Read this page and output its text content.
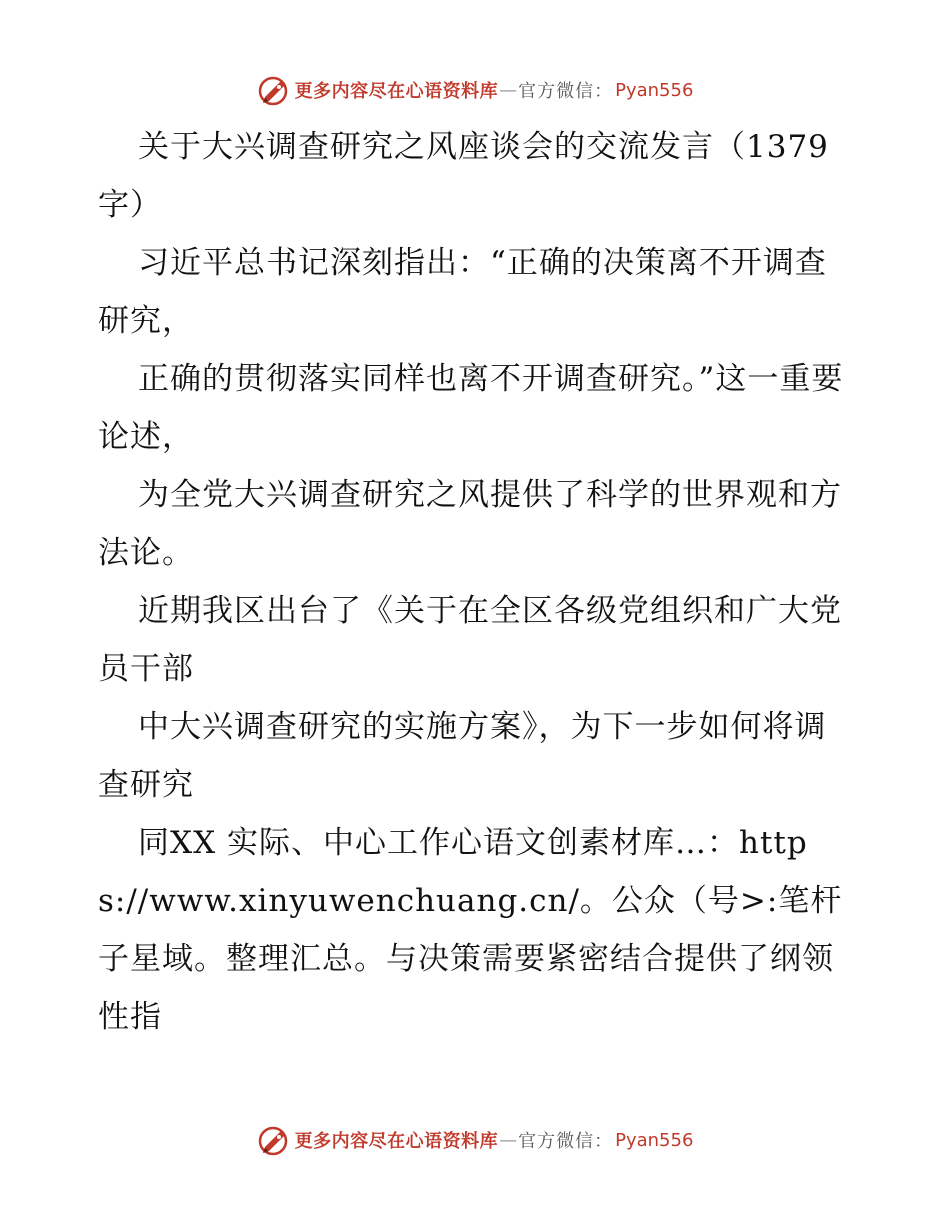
更多内容尽在心语资料库 — 官方微信： Pyan556

关于大兴调查研究之风座谈会的交流发言（1379字）

习近平总书记深刻指出：“正确的决策离不开调查研究，

正确的贯彻落实同样也离不开调查研究。”这一重要论述，

为全党大兴调查研究之风提供了科学的世界观和方法论。

近期我区出台了《关于在全区各级党组织和广大党员干部

中大兴调查研究的实施方案》，为下一步如何将调查研究

同XX 实际、中心工作心语文创素材库…：https://www.xinyuwenchuang.cn/。公众（号>:笔杆子星域。整理汇总。与决策需要紧密结合提供了纲领性指

更多内容尽在心语资料库 — 官方微信： Pyan556
